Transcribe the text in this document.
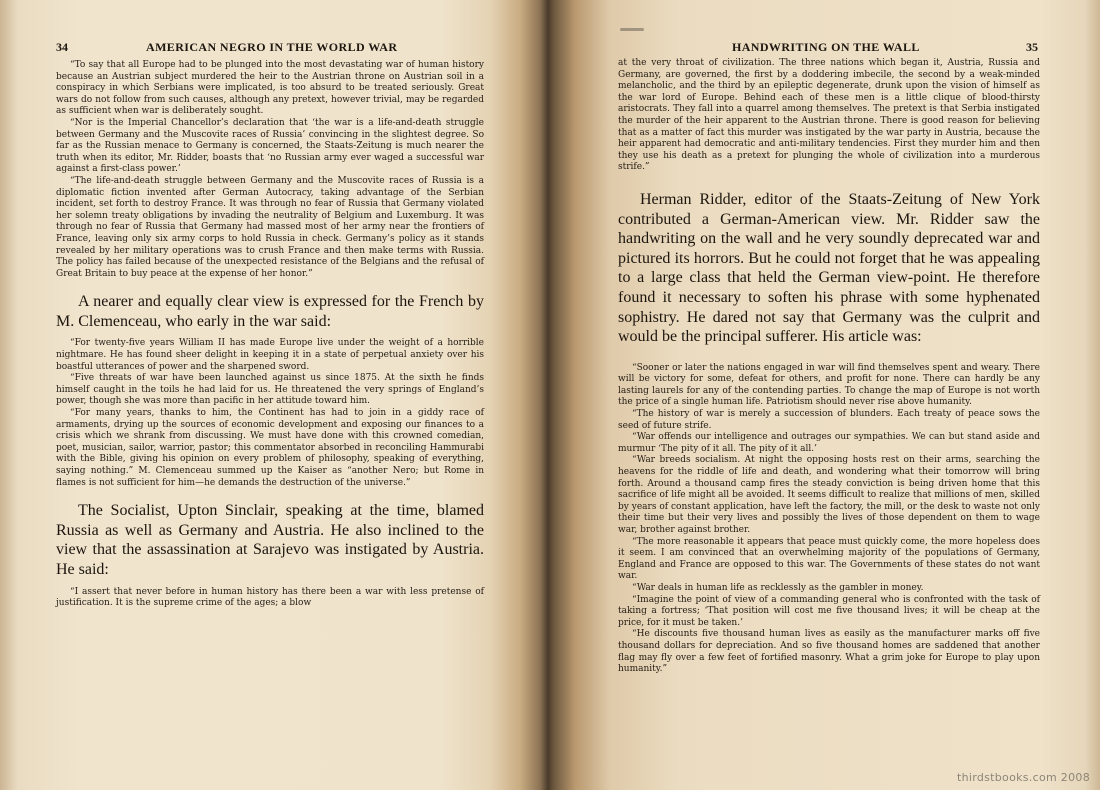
34	AMERICAN NEGRO IN THE WORLD WAR

“To say that all Europe had to be plunged into the most devastating war of human history because an Austrian subject murdered the heir to the Austrian throne on Austrian soil in a conspiracy in which Serbians were implicated, is too absurd to be treated seriously. Great wars do not follow from such causes, although any pretext, however trivial, may be regarded as sufficient when war is deliberately sought.

“Nor is the Imperial Chancellor’s declaration that ‘the war is a life-and-death struggle between Germany and the Muscovite races of Russia’ convincing in the slightest degree. So far as the Russian menace to Germany is concerned, the Staats-Zeitung is much nearer the truth when its editor, Mr. Ridder, boasts that ‘no Russian army ever waged a successful war against a first-class power.’

“The life-and-death struggle between Germany and the Muscovite races of Russia is a diplomatic fiction invented after German Autocracy, taking advantage of the Serbian incident, set forth to destroy France. It was through no fear of Russia that Germany violated her solemn treaty obligations by invading the neutrality of Belgium and Luxemburg. It was through no fear of Russia that Germany had massed most of her army near the frontiers of France, leaving only six army corps to hold Russia in check. Germany’s policy as it stands revealed by her military operations was to crush France and then make terms with Russia. The policy has failed because of the unexpected resistance of the Belgians and the refusal of Great Britain to buy peace at the expense of her honor.”

A nearer and equally clear view is expressed for the French by M. Clemenceau, who early in the war said:

“For twenty-five years William II has made Europe live under the weight of a horrible nightmare. He has found sheer delight in keeping it in a state of perpetual anxiety over his boastful utterances of power and the sharpened sword.

“Five threats of war have been launched against us since 1875. At the sixth he finds himself caught in the toils he had laid for us. He threatened the very springs of England’s power, though she was more than pacific in her attitude toward him.

“For many years, thanks to him, the Continent has had to join in a giddy race of armaments, drying up the sources of economic development and exposing our finances to a crisis which we shrank from discussing. We must have done with this crowned comedian, poet, musician, sailor, warrior, pastor; this commentator absorbed in reconciling Hammurabi with the Bible, giving his opinion on every problem of philosophy, speaking of everything, saying nothing.” M. Clemenceau summed up the Kaiser as “another Nero; but Rome in flames is not sufficient for him—he demands the destruction of the universe.”

The Socialist, Upton Sinclair, speaking at the time, blamed Russia as well as Germany and Austria. He also inclined to the view that the assassination at Sarajevo was instigated by Austria. He said:

“I assert that never before in human history has there been a war with less pretense of justification. It is the supreme crime of the ages; a blow

HANDWRITING ON THE WALL	35

at the very throat of civilization. The three nations which began it, Austria, Russia and Germany, are governed, the first by a doddering imbecile, the second by a weak-minded melancholic, and the third by an epileptic degenerate, drunk upon the vision of himself as the war lord of Europe. Behind each of these men is a little clique of blood-thirsty aristocrats. They fall into a quarrel among themselves. The pretext is that Serbia instigated the murder of the heir apparent to the Austrian throne. There is good reason for believing that as a matter of fact this murder was instigated by the war party in Austria, because the heir apparent had democratic and anti-military tendencies. First they murder him and then they use his death as a pretext for plunging the whole of civilization into a murderous strife.”

Herman Ridder, editor of the Staats-Zeitung of New York contributed a German-American view. Mr. Ridder saw the handwriting on the wall and he very soundly deprecated war and pictured its horrors. But he could not forget that he was appealing to a large class that held the German view-point. He therefore found it necessary to soften his phrase with some hyphenated sophistry. He dared not say that Germany was the culprit and would be the principal sufferer. His article was:

“Sooner or later the nations engaged in war will find themselves spent and weary. There will be victory for some, defeat for others, and profit for none. There can hardly be any lasting laurels for any of the contending parties. To change the map of Europe is not worth the price of a single human life. Patriotism should never rise above humanity.

“The history of war is merely a succession of blunders. Each treaty of peace sows the seed of future strife.

“War offends our intelligence and outrages our sympathies. We can but stand aside and murmur ‘The pity of it all. The pity of it all.’

“War breeds socialism. At night the opposing hosts rest on their arms, searching the heavens for the riddle of life and death, and wondering what their tomorrow will bring forth. Around a thousand camp fires the steady conviction is being driven home that this sacrifice of life might all be avoided. It seems difficult to realize that millions of men, skilled by years of constant application, have left the factory, the mill, or the desk to waste not only their time but their very lives and possibly the lives of those dependent on them to wage war, brother against brother.

“The more reasonable it appears that peace must quickly come, the more hopeless does it seem. I am convinced that an overwhelming majority of the populations of Germany, England and France are opposed to this war. The Governments of these states do not want war.

“War deals in human life as recklessly as the gambler in money.

“Imagine the point of view of a commanding general who is confronted with the task of taking a fortress; ‘That position will cost me five thousand lives; it will be cheap at the price, for it must be taken.’

“He discounts five thousand human lives as easily as the manufacturer marks off five thousand dollars for depreciation. And so five thousand homes are saddened that another flag may fly over a few feet of fortified masonry. What a grim joke for Europe to play upon humanity.”

thirdstbooks.com 2008
